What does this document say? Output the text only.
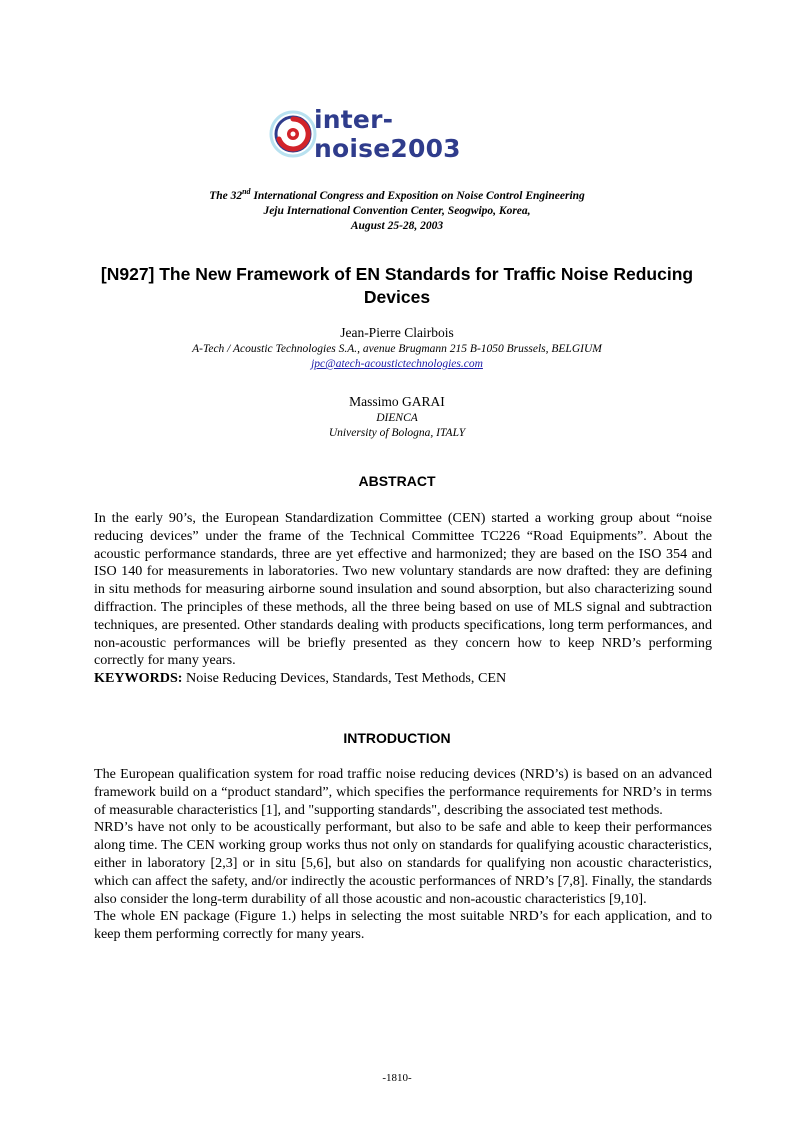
inter-noise2003
The 32nd International Congress and Exposition on Noise Control Engineering
Jeju International Convention Center, Seogwipo, Korea,
August 25-28, 2003
[N927] The New Framework of EN Standards for Traffic Noise Reducing Devices
Jean-Pierre Clairbois
A-Tech / Acoustic Technologies S.A., avenue Brugmann 215 B-1050 Brussels, BELGIUM
jpc@atech-acoustictechnologies.com
Massimo GARAI
DIENCA
University of Bologna, ITALY
ABSTRACT

In the early 90’s, the European Standardization Committee (CEN) started a working group about “noise reducing devices” under the frame of the Technical Committee TC226 “Road Equipments”. About the acoustic performance standards, three are yet effective and harmonized; they are based on the ISO 354 and ISO 140 for measurements in laboratories. Two new voluntary standards are now drafted: they are defining in situ methods for measuring airborne sound insulation and sound absorption, but also characterizing sound diffraction. The principles of these methods, all the three being based on use of MLS signal and subtraction techniques, are presented. Other standards dealing with products specifications, long term performances, and non-acoustic performances will be briefly presented as they concern how to keep NRD’s performing correctly for many years.

KEYWORDS: Noise Reducing Devices, Standards, Test Methods, CEN

INTRODUCTION

The European qualification system for road traffic noise reducing devices (NRD’s) is based on an advanced framework build on a “product standard”, which specifies the performance requirements for NRD’s in terms of measurable characteristics [1], and "supporting standards", describing the associated test methods.

NRD’s have not only to be acoustically performant, but also to be safe and able to keep their performances along time. The CEN working group works thus not only on standards for qualifying acoustic characteristics, either in laboratory [2,3] or in situ [5,6], but also on standards for qualifying non acoustic characteristics, which can affect the safety, and/or indirectly the acoustic performances of NRD’s [7,8]. Finally, the standards also consider the long-term durability of all those acoustic and non-acoustic characteristics [9,10].

The whole EN package (Figure 1.) helps in selecting the most suitable NRD’s for each application, and to keep them performing correctly for many years.

-1810-
